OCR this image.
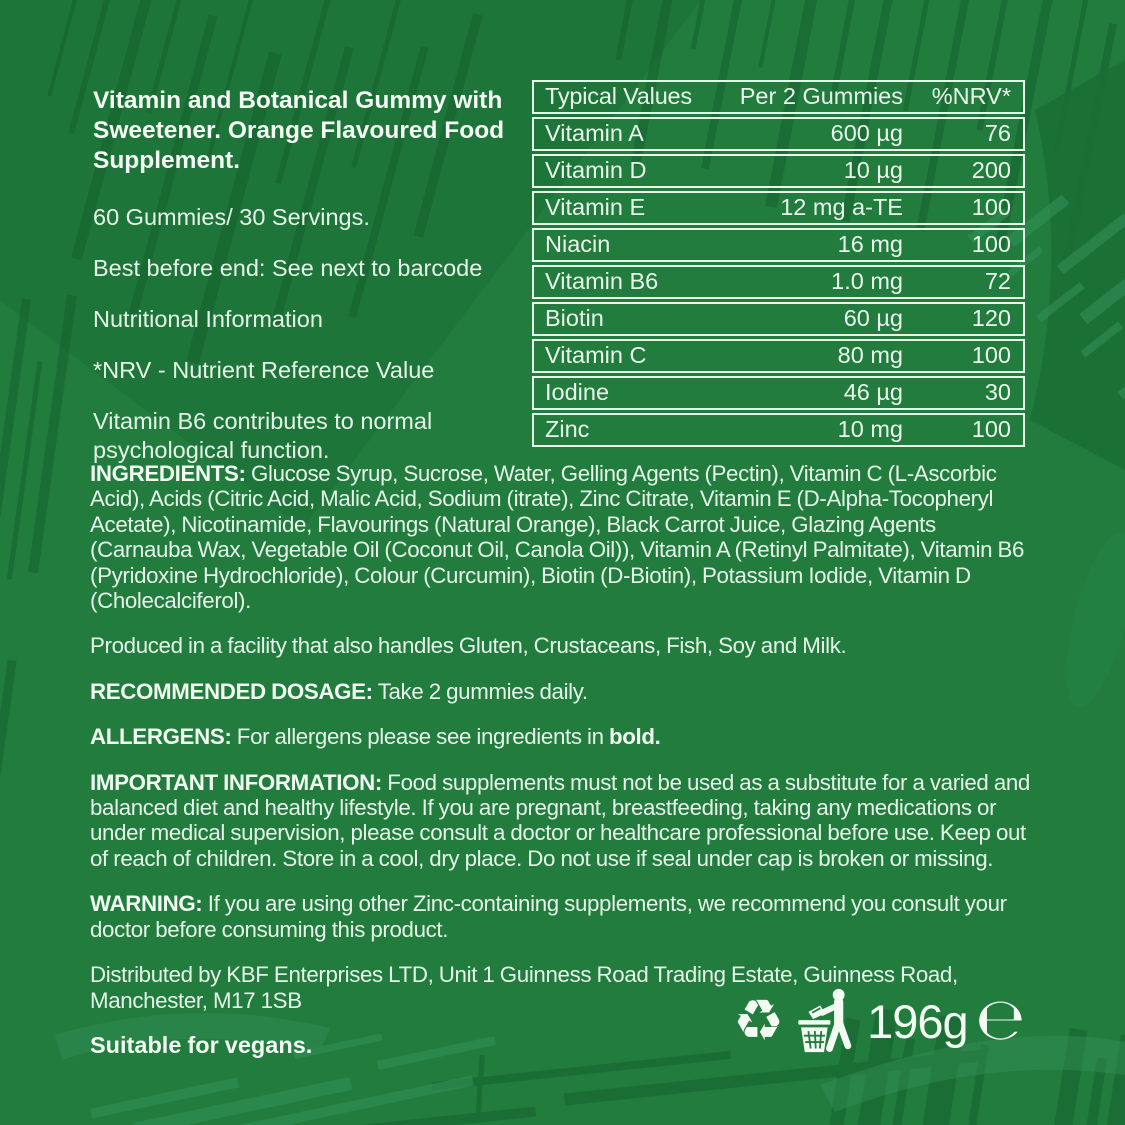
Vitamin and Botanical Gummy with Sweetener. Orange Flavoured Food Supplement.

60 Gummies/ 30 Servings.

Best before end: See next to barcode

Nutritional Information

*NRV - Nutrient Reference Value

Vitamin B6 contributes to normal psychological function.

Typical Values	Per 2 Gummies	%NRV*
Vitamin A	600 µg	76
Vitamin D	10 µg	200
Vitamin E	12 mg a-TE	100
Niacin	16 mg	100
Vitamin B6	1.0 mg	72
Biotin	60 µg	120
Vitamin C	80 mg	100
Iodine	46 µg	30
Zinc	10 mg	100

INGREDIENTS: Glucose Syrup, Sucrose, Water, Gelling Agents (Pectin), Vitamin C (L-Ascorbic Acid), Acids (Citric Acid, Malic Acid, Sodium (itrate), Zinc Citrate, Vitamin E (D-Alpha-Tocopheryl Acetate), Nicotinamide, Flavourings (Natural Orange), Black Carrot Juice, Glazing Agents (Carnauba Wax, Vegetable Oil (Coconut Oil, Canola Oil)), Vitamin A (Retinyl Palmitate), Vitamin B6 (Pyridoxine Hydrochloride), Colour (Curcumin), Biotin (D-Biotin), Potassium Iodide, Vitamin D (Cholecalciferol).

Produced in a facility that also handles Gluten, Crustaceans, Fish, Soy and Milk.

RECOMMENDED DOSAGE: Take 2 gummies daily.

ALLERGENS: For allergens please see ingredients in bold.

IMPORTANT INFORMATION: Food supplements must not be used as a substitute for a varied and balanced diet and healthy lifestyle. If you are pregnant, breastfeeding, taking any medications or under medical supervision, please consult a doctor or healthcare professional before use. Keep out of reach of children. Store in a cool, dry place. Do not use if seal under cap is broken or missing.

WARNING: If you are using other Zinc-containing supplements, we recommend you consult your doctor before consuming this product.

Distributed by KBF Enterprises LTD, Unit 1 Guinness Road Trading Estate, Guinness Road, Manchester, M17 1SB

Suitable for vegans.	♻ 196g ℮
